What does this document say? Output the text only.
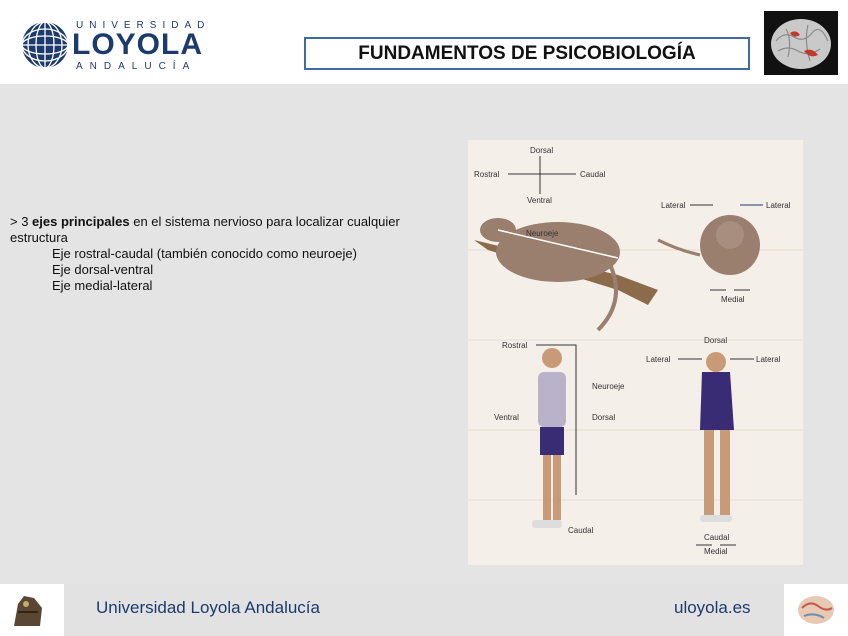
UNIVERSIDAD
LOYOLA
ANDALUCÍA
FUNDAMENTOS DE PSICOBIOLOGÍA
> 3 ejes principales en el sistema nervioso para localizar cualquier estructura
Eje rostral-caudal (también conocido como neuroeje)
Eje dorsal-ventral
Eje medial-lateral
Dorsal
Ventral
Rostral	Caudal
Neuroeje
Lateral	Lateral
Medial
Rostral
Neuroeje
Ventral	Dorsal
Caudal
Dorsal
Lateral	Lateral
Caudal
Medial
Universidad Loyola Andalucía	uloyola.es
